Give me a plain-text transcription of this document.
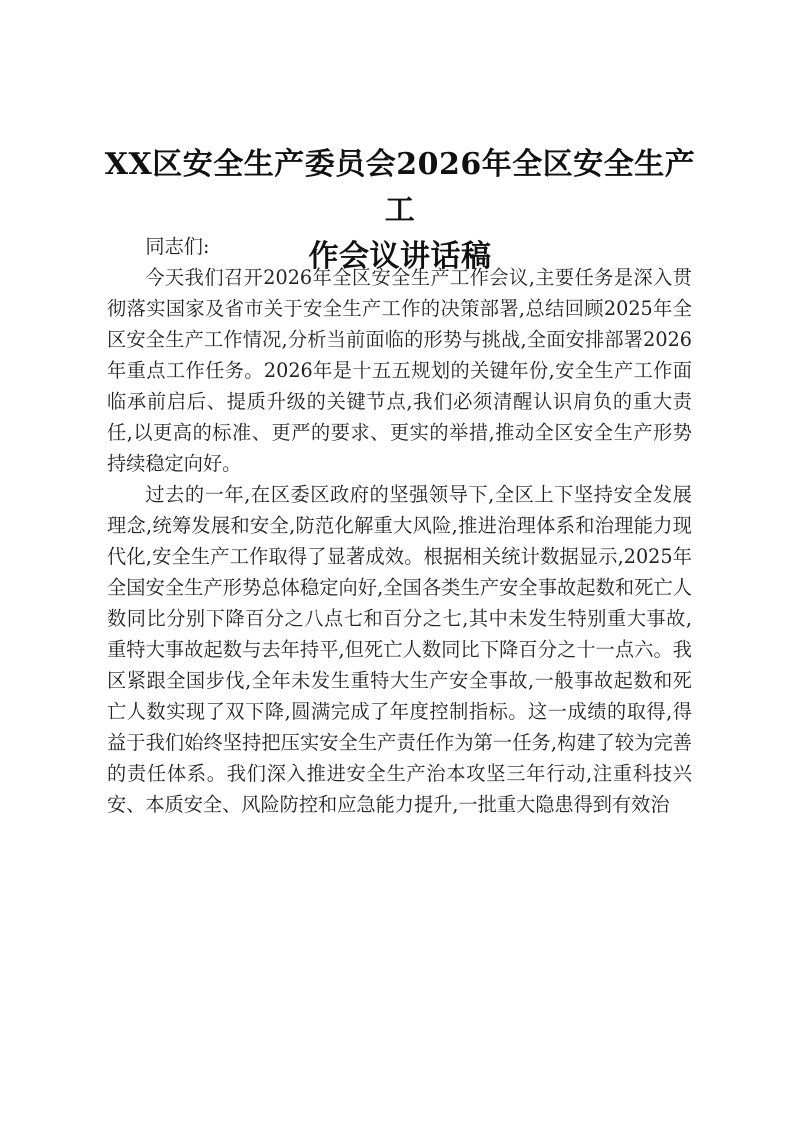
XX区安全生产委员会2026年全区安全生产工
作会议讲话稿

同志们:

今天我们召开2026年全区安全生产工作会议,主要任务是深入贯彻落实国家及省市关于安全生产工作的决策部署,总结回顾2025年全区安全生产工作情况,分析当前面临的形势与挑战,全面安排部署2026年重点工作任务。2026年是十五五规划的关键年份,安全生产工作面临承前启后、提质升级的关键节点,我们必须清醒认识肩负的重大责任,以更高的标准、更严的要求、更实的举措,推动全区安全生产形势持续稳定向好。

过去的一年,在区委区政府的坚强领导下,全区上下坚持安全发展理念,统筹发展和安全,防范化解重大风险,推进治理体系和治理能力现代化,安全生产工作取得了显著成效。根据相关统计数据显示,2025年全国安全生产形势总体稳定向好,全国各类生产安全事故起数和死亡人数同比分别下降百分之八点七和百分之七,其中未发生特别重大事故,重特大事故起数与去年持平,但死亡人数同比下降百分之十一点六。我区紧跟全国步伐,全年未发生重特大生产安全事故,一般事故起数和死亡人数实现了双下降,圆满完成了年度控制指标。这一成绩的取得,得益于我们始终坚持把压实安全生产责任作为第一任务,构建了较为完善的责任体系。我们深入推进安全生产治本攻坚三年行动,注重科技兴安、本质安全、风险防控和应急能力提升,一批重大隐患得到有效治
